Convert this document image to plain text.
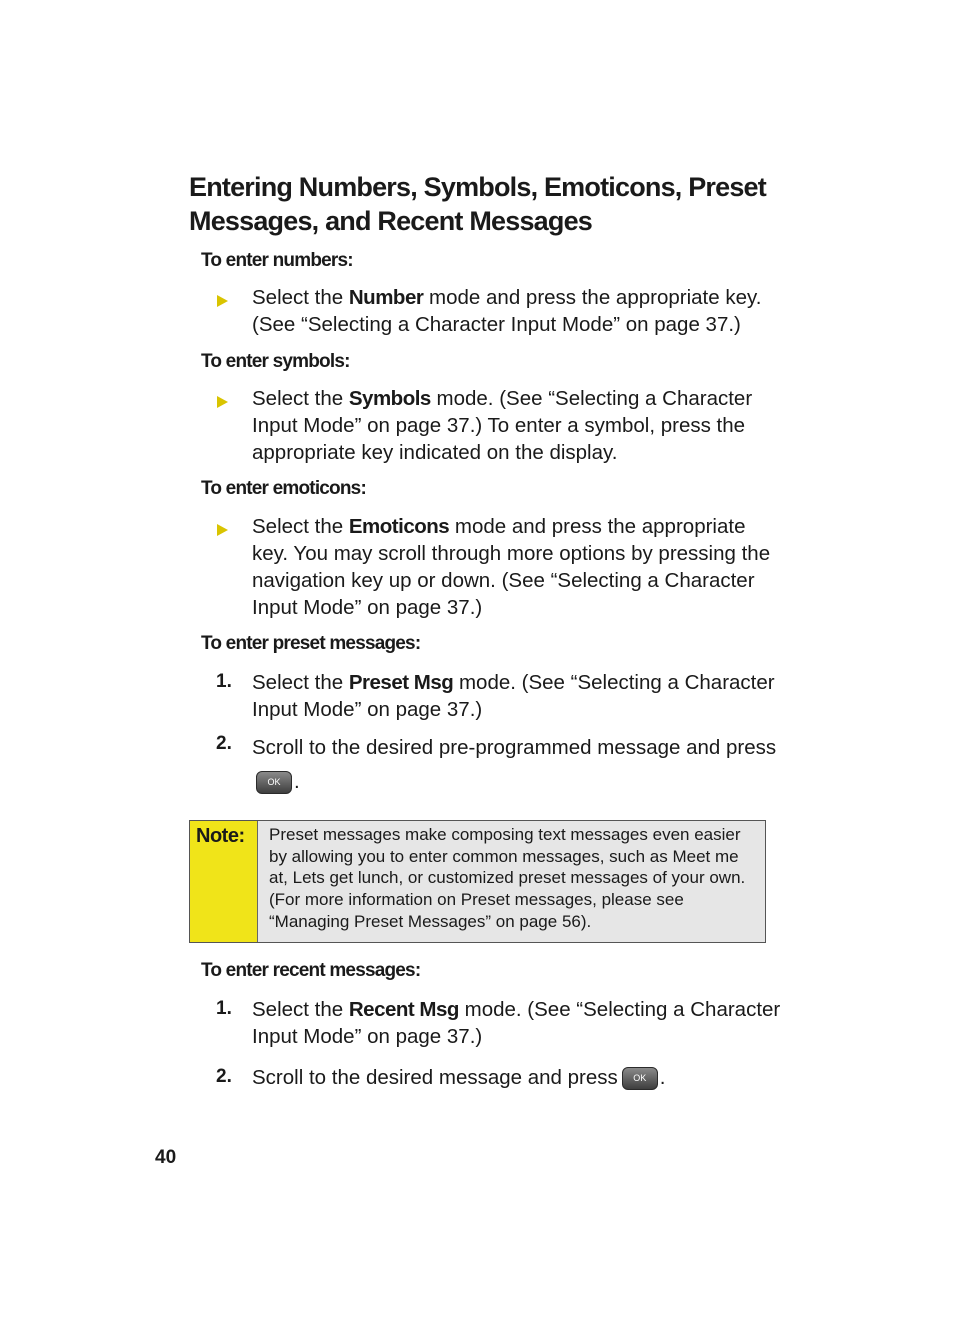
Entering Numbers, Symbols, Emoticons, Preset Messages, and Recent Messages
To enter numbers:
Select the Number mode and press the appropriate key. (See “Selecting a Character Input Mode” on page 37.)
To enter symbols:
Select the Symbols mode. (See “Selecting a Character Input Mode” on page 37.) To enter a symbol, press the appropriate key indicated on the display.
To enter emoticons:
Select the Emoticons mode and press the appropriate key. You may scroll through more options by pressing the navigation key up or down. (See “Selecting a Character Input Mode” on page 37.)
To enter preset messages:
1. Select the Preset Msg mode. (See “Selecting a Character Input Mode” on page 37.)
2. Scroll to the desired pre-programmed message and pressOK .
Note:	Preset messages make composing text messages even easier by allowing you to enter common messages, such as Meet me at, Lets get lunch, or customized preset messages of your own. (For more information on Preset messages, please see “Managing Preset Messages” on page 56).
To enter recent messages:
1. Select the Recent Msg mode. (See “Selecting a Character Input Mode” on page 37.)
2. Scroll to the desired message and press OK .
40
